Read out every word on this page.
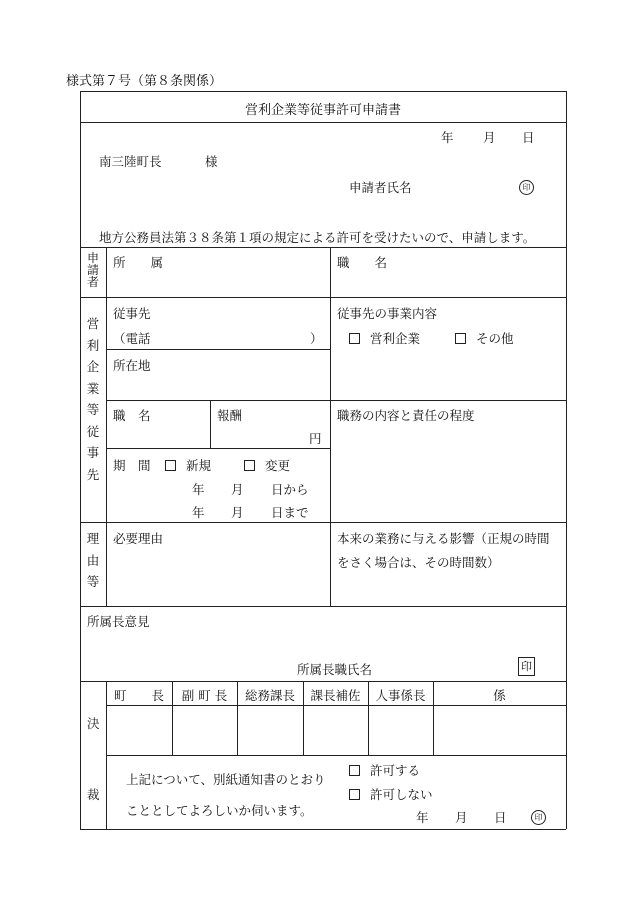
様式第７号（第８条関係）
営利企業等従事許可申請書
年 月 日
南三陸町長	様
申請者氏名	印
地方公務員法第３８条第１項の規定による許可を受けたいので、申請します。
申
請
者
所　　属	職　　名
営
利
企
業
等
従
事
先
従事先
（電話	）
所在地
従事先の事業内容
営利企業	その他
職　名	報酬
円
職務の内容と責任の程度
期　間	新規	変更
年 月 日から
年 月 日まで
理
由
等
必要理由	本来の業務に与える影響（正規の時間
をさく場合は、その時間数）
所属長意見
所属長職氏名	印
決
裁
町　　長	副 町 長	総務課長	課長補佐	人事係長	係
上記について、別紙通知書のとおり
こととしてよろしいか伺います。
許可する
許可しない
年 月 日	印
